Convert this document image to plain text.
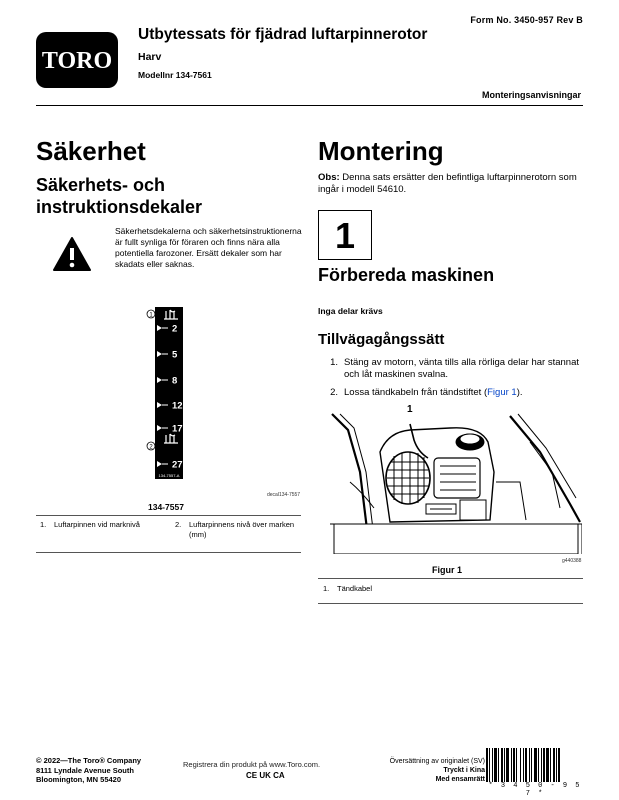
Form No. 3450-957 Rev B
TORO
Utbytessats för fjädrad luftarpinnerotor
Harv
Modellnr 134-7561
Monteringsanvisningar
Säkerhet
Säkerhets- och instruktionsdekaler
Säkerhetsdekalerna och säkerhetsinstruktionerna är fullt synliga för föraren och finns nära alla potentiella farozoner. Ersätt dekaler som har skadats eller saknas.
1
2
2
5
8
12
17
27
134-7557-A
decal134-7557
134-7557
1. Luftarpinnen vid marknivå	2.	Luftarpinnens nivå över marken (mm)
Montering
Obs: Denna sats ersätter den befintliga luftarpinnerotorn som ingår i modell 54610.
1
Förbereda maskinen
Inga delar krävs
Tillvägagångssätt
1. Stäng av motorn, vänta tills alla rörliga delar har stannat och låt maskinen svalna.
2. Lossa tändkabeln från tändstiftet (Figur 1).
1
g440388
Figur 1
1. Tändkabel
© 2022—The Toro® Company
8111 Lyndale Avenue South
Bloomington, MN 55420
Registrera din produkt på www.Toro.com.
CE UK CA
Översättning av originalet (SV)
Tryckt i Kina
Med ensamrätt
* 3 4 5 0 - 9 5 7 *
